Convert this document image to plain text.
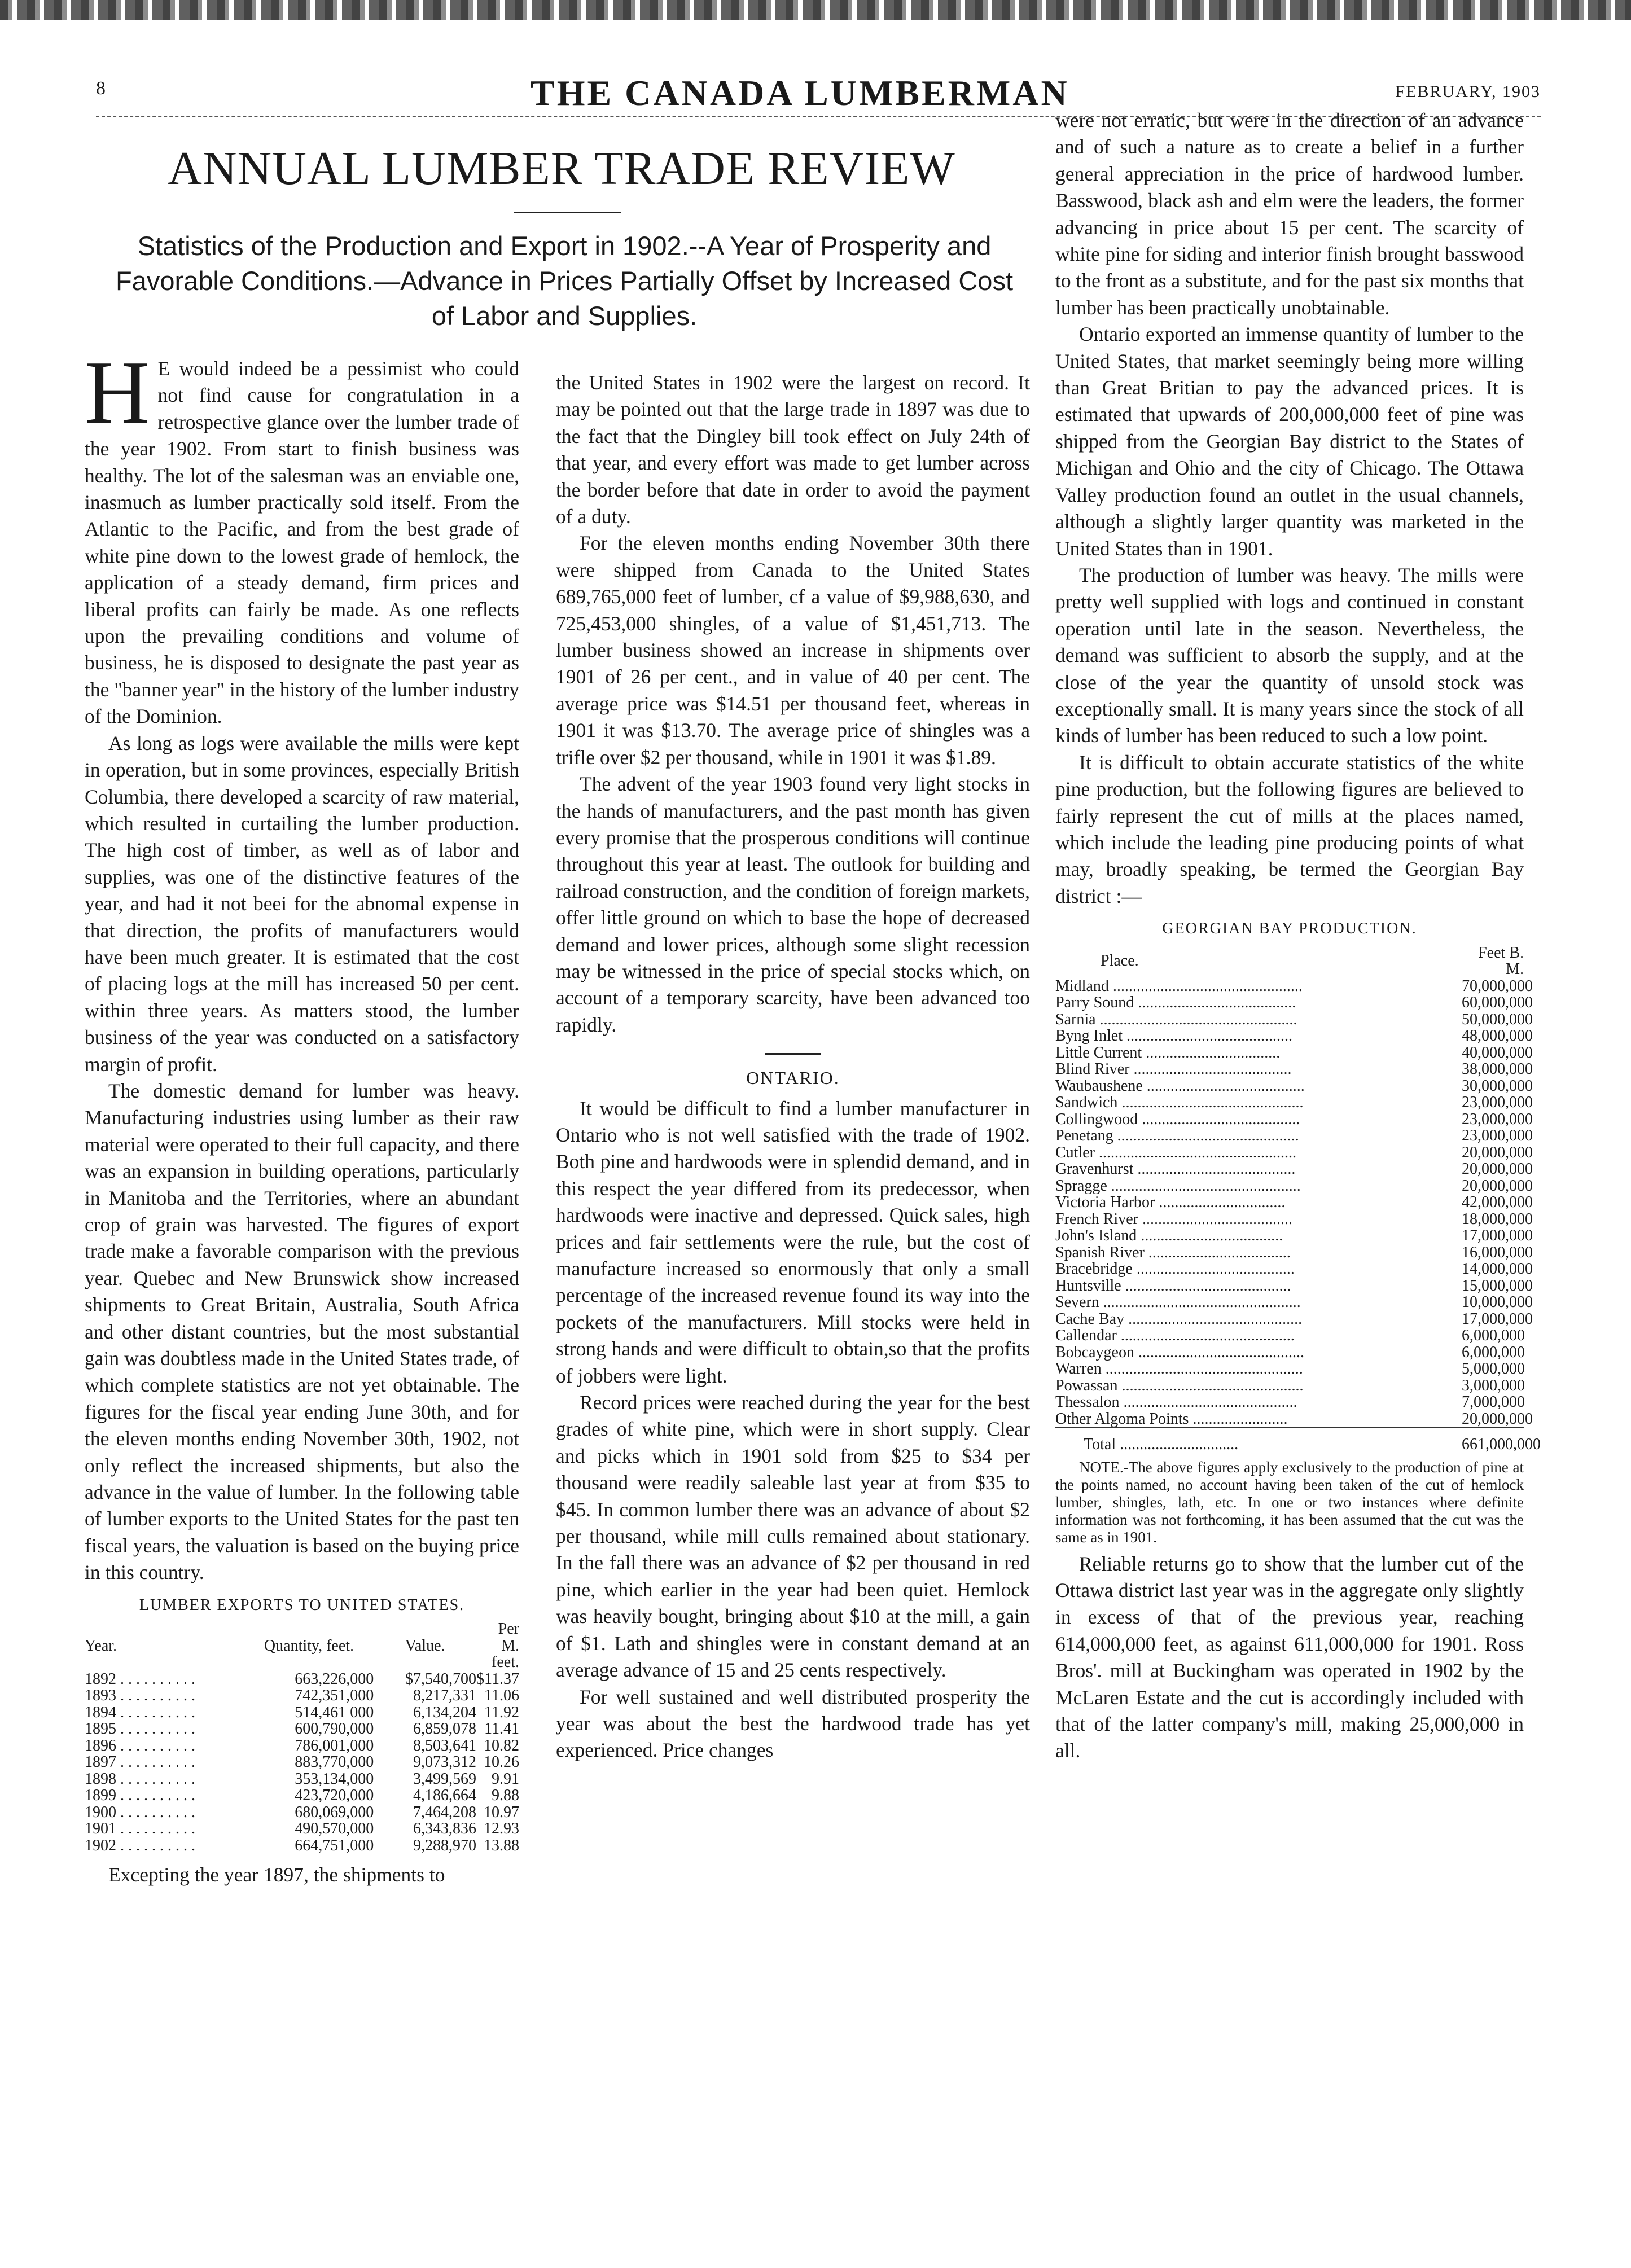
8	THE CANADA LUMBERMAN	FEBRUARY, 1903
ANNUAL LUMBER TRADE REVIEW
Statistics of the Production and Export in 1902.--A Year of Prosperity and Favorable Conditions.—Advance in Prices Partially Offset by Increased Cost of Labor and Supplies.

H E would indeed be a pessimist who could not find cause for congratulation in a retrospective glance over the lumber trade of the year 1902. From start to finish business was healthy. The lot of the salesman was an enviable one, inasmuch as lumber practically sold itself. From the Atlantic to the Pacific, and from the best grade of white pine down to the lowest grade of hemlock, the application of a steady demand, firm prices and liberal profits can fairly be made. As one reflects upon the prevailing conditions and volume of business, he is disposed to designate the past year as the "banner year" in the history of the lumber industry of the Dominion.

As long as logs were available the mills were kept in operation, but in some provinces, especially British Columbia, there developed a scarcity of raw material, which resulted in curtailing the lumber production. The high cost of timber, as well as of labor and supplies, was one of the distinctive features of the year, and had it not beei for the abnomal expense in that direction, the profits of manufacturers would have been much greater. It is estimated that the cost of placing logs at the mill has increased 50 per cent. within three years. As matters stood, the lumber business of the year was conducted on a satisfactory margin of profit.

The domestic demand for lumber was heavy. Manufacturing industries using lumber as their raw material were operated to their full capacity, and there was an expansion in building operations, particularly in Manitoba and the Territories, where an abundant crop of grain was harvested. The figures of export trade make a favorable comparison with the previous year. Quebec and New Brunswick show increased shipments to Great Britain, Australia, South Africa and other distant countries, but the most substantial gain was doubtless made in the United States trade, of which complete statistics are not yet obtainable. The figures for the fiscal year ending June 30th, and for the eleven months ending November 30th, 1902, not only reflect the increased shipments, but also the advance in the value of lumber. In the following table of lumber exports to the United States for the past ten fiscal years, the valuation is based on the buying price in this country.

LUMBER EXPORTS TO UNITED STATES.
Year.	Quantity, feet.	Value.	Per M. feet.
1892 . . . . . . . . . .	663,226,000	$7,540,700	$11.37
1893 . . . . . . . . . .	742,351,000	8,217,331	11.06
1894 . . . . . . . . . .	514,461 000	6,134,204	11.92
1895 . . . . . . . . . .	600,790,000	6,859,078	11.41
1896 . . . . . . . . . .	786,001,000	8,503,641	10.82
1897 . . . . . . . . . .	883,770,000	9,073,312	10.26
1898 . . . . . . . . . .	353,134,000	3,499,569	9.91
1899 . . . . . . . . . .	423,720,000	4,186,664	9.88
1900 . . . . . . . . . .	680,069,000	7,464,208	10.97
1901 . . . . . . . . . .	490,570,000	6,343,836	12.93
1902 . . . . . . . . . .	664,751,000	9,288,970	13.88

Excepting the year 1897, the shipments to

the United States in 1902 were the largest on record. It may be pointed out that the large trade in 1897 was due to the fact that the Dingley bill took effect on July 24th of that year, and every effort was made to get lumber across the border before that date in order to avoid the payment of a duty.

For the eleven months ending November 30th there were shipped from Canada to the United States 689,765,000 feet of lumber, cf a value of $9,988,630, and 725,453,000 shingles, of a value of $1,451,713. The lumber business showed an increase in shipments over 1901 of 26 per cent., and in value of 40 per cent. The average price was $14.51 per thousand feet, whereas in 1901 it was $13.70. The average price of shingles was a trifle over $2 per thousand, while in 1901 it was $1.89.

The advent of the year 1903 found very light stocks in the hands of manufacturers, and the past month has given every promise that the prosperous conditions will continue throughout this year at least. The outlook for building and railroad construction, and the condition of foreign markets, offer little ground on which to base the hope of decreased demand and lower prices, although some slight recession may be witnessed in the price of special stocks which, on account of a temporary scarcity, have been advanced too rapidly.

ONTARIO.

It would be difficult to find a lumber manufacturer in Ontario who is not well satisfied with the trade of 1902. Both pine and hardwoods were in splendid demand, and in this respect the year differed from its predecessor, when hardwoods were inactive and depressed. Quick sales, high prices and fair settlements were the rule, but the cost of manufacture increased so enormously that only a small percentage of the increased revenue found its way into the pockets of the manufacturers. Mill stocks were held in strong hands and were difficult to obtain,so that the profits of jobbers were light.

Record prices were reached during the year for the best grades of white pine, which were in short supply. Clear and picks which in 1901 sold from $25 to $34 per thousand were readily saleable last year at from $35 to $45. In common lumber there was an advance of about $2 per thousand, while mill culls remained about stationary. In the fall there was an advance of $2 per thousand in red pine, which earlier in the year had been quiet. Hemlock was heavily bought, bringing about $10 at the mill, a gain of $1. Lath and shingles were in constant demand at an average advance of 15 and 25 cents respectively.

For well sustained and well distributed prosperity the year was about the best the hardwood trade has yet experienced. Price changes

were not erratic, but were in the direction of an advance and of such a nature as to create a belief in a further general appreciation in the price of hardwood lumber. Basswood, black ash and elm were the leaders, the former advancing in price about 15 per cent. The scarcity of white pine for siding and interior finish brought basswood to the front as a substitute, and for the past six months that lumber has been practically unobtainable.

Ontario exported an immense quantity of lumber to the United States, that market seemingly being more willing than Great Britian to pay the advanced prices. It is estimated that upwards of 200,000,000 feet of pine was shipped from the Georgian Bay district to the States of Michigan and Ohio and the city of Chicago. The Ottawa Valley production found an outlet in the usual channels, although a slightly larger quantity was marketed in the United States than in 1901.

The production of lumber was heavy. The mills were pretty well supplied with logs and continued in constant operation until late in the season. Nevertheless, the demand was sufficient to absorb the supply, and at the close of the year the quantity of unsold stock was exceptionally small. It is many years since the stock of all kinds of lumber has been reduced to such a low point.

It is difficult to obtain accurate statistics of the white pine production, but the following figures are believed to fairly represent the cut of mills at the places named, which include the leading pine producing points of what may, broadly speaking, be termed the Georgian Bay district :—

GEORGIAN BAY PRODUCTION.
Place.	Feet B. M.
Midland ................................................	70,000,000
Parry Sound ........................................	60,000,000
Sarnia ..................................................	50,000,000
Byng Inlet ..........................................	48,000,000
Little Current ..................................	40,000,000
Blind River ........................................	38,000,000
Waubaushene ........................................	30,000,000
Sandwich ..............................................	23,000,000
Collingwood ........................................	23,000,000
Penetang ..............................................	23,000,000
Cutler ..................................................	20,000,000
Gravenhurst ........................................	20,000,000
Spragge ................................................	20,000,000
Victoria Harbor ................................	42,000,000
French River ......................................	18,000,000
John's Island ....................................	17,000,000
Spanish River ....................................	16,000,000
Bracebridge ........................................	14,000,000
Huntsville ..........................................	15,000,000
Severn ..................................................	10,000,000
Cache Bay ............................................	17,000,000
Callendar ............................................	6,000,000
Bobcaygeon ..........................................	6,000,000
Warren ..................................................	5,000,000
Powassan ..............................................	3,000,000
Thessalon ............................................	7,000,000
Other Algoma Points ........................	20,000,000
Total ..............................	661,000,000

NOTE.-The above figures apply exclusively to the production of pine at the points named, no account having been taken of the cut of hemlock lumber, shingles, lath, etc. In one or two instances where definite information was not forthcoming, it has been assumed that the cut was the same as in 1901.

Reliable returns go to show that the lumber cut of the Ottawa district last year was in the aggregate only slightly in excess of that of the previous year, reaching 614,000,000 feet, as against 611,000,000 for 1901. Ross Bros'. mill at Buckingham was operated in 1902 by the McLaren Estate and the cut is accordingly included with that of the latter company's mill, making 25,000,000 in all.
